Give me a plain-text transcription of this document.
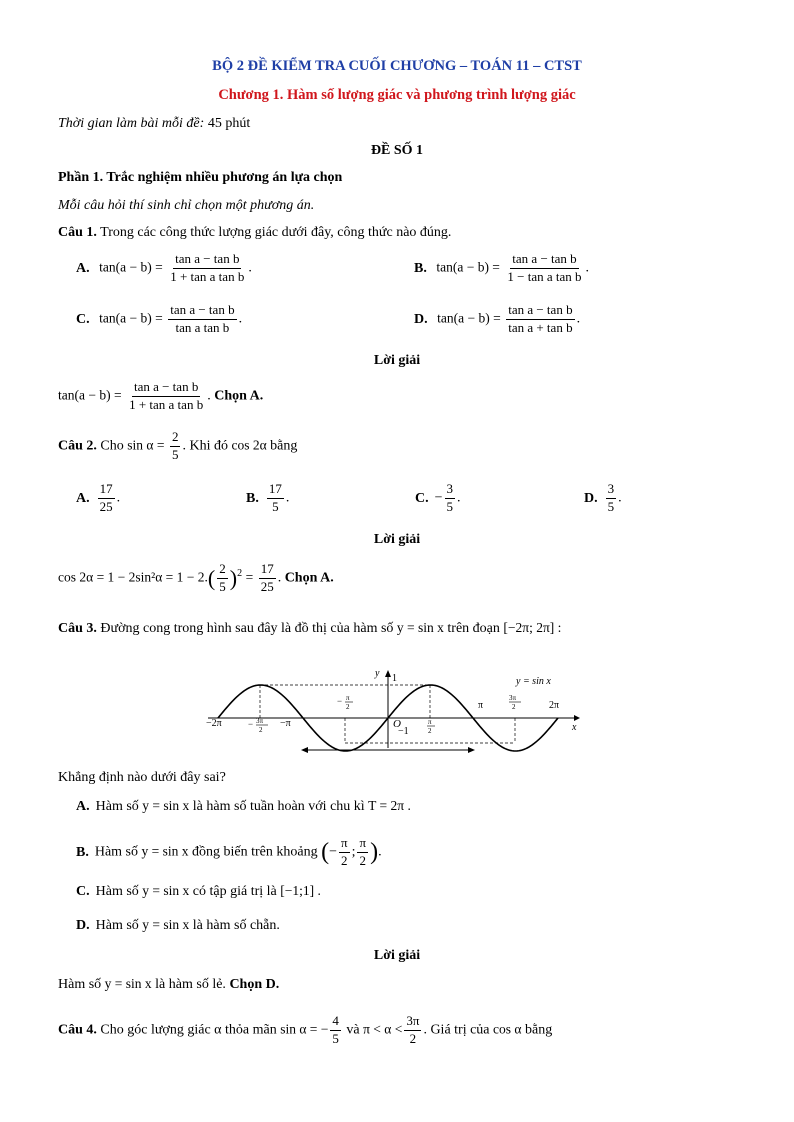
BỘ 2 ĐỀ KIỂM TRA CUỐI CHƯƠNG – TOÁN 11 – CTST
Chương 1. Hàm số lượng giác và phương trình lượng giác
Thời gian làm bài mỗi đề: 45 phút
ĐỀ SỐ 1
Phần 1. Trắc nghiệm nhiều phương án lựa chọn
Mỗi câu hỏi thí sinh chỉ chọn một phương án.
Câu 1. Trong các công thức lượng giác dưới đây, công thức nào đúng.
A. $\tan(a - b) = \frac{\text{tan a − tan b}}{\text{1 + tan a tan b}}$ .	B. $\tan(a - b) = \frac{\text{tan a − tan b}}{\text{1 − tan a tan b}}$ .
C. $\tan(a - b) = \frac{\text{tan a − tan b}}{\text{tan a tan b}}$ .	D. $\tan(a - b) = \frac{\text{tan a − tan b}}{\text{tan a + tan b}}$ .
Lời giải
$\tan(a - b) = \frac{\text{tan a − tan b}}{\text{1 + tan a tan b}}$ . Chọn A.
Câu 2. Cho $\sin \alpha = \frac{2}{5}$ . Khi đó cos 2α bằng
A. $\frac{17}{25}$ .	B. $\frac{17}{5}$ .	C. − $\frac{3}{5}$ .	D. $\frac{3}{5}$ .
Lời giải
$\cos 2\alpha = 1 - 2\sin^2\alpha = 1 - 2.( \frac{2}{5} )^2 = \frac{17}{25}$ . Chọn A.
Câu 3. Đường cong trong hình sau đây là đồ thị của hàm số y = sin x trên đoạn [−2π; 2π] :
y 1	y = sin x
x
−2π	3π
2
−	−π
π
2
−
O
−1
π
2
π
3π
2	2π
Khẳng định nào dưới đây sai?
A. Hàm số y = sin x là hàm số tuần hoàn với chu kì T = 2π .
B. Hàm số y = sin x đồng biến trên khoảng (− $\frac{\pi}{2}$ ; $\frac{\pi}{2}$ ).
C. Hàm số y = sin x có tập giá trị là [−1;1] .
D. Hàm số y = sin x là hàm số chẵn.
Lời giải
Hàm số y = sin x là hàm số lẻ. Chọn D.
Câu 4. Cho góc lượng giác α thỏa mãn sin α = − $\frac{4}{5}$ và $\pi < \alpha < \frac{3\pi}{2}$ . Giá trị của cos α bằng
